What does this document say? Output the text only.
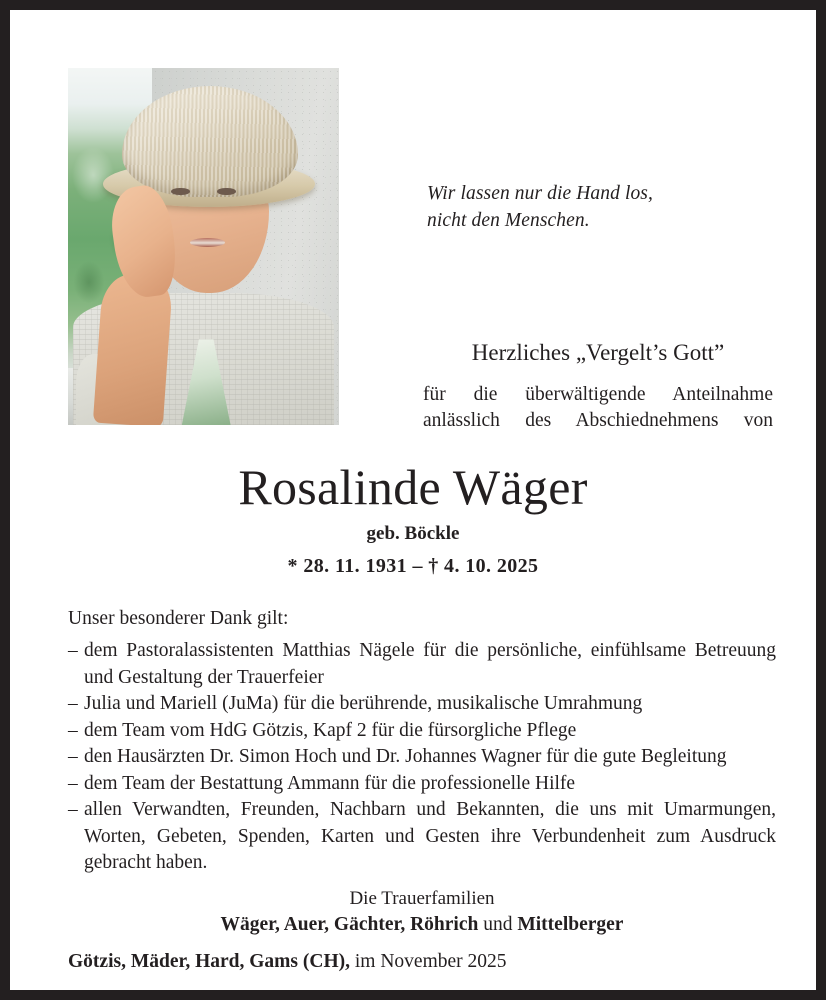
Wir lassen nur die Hand los,
nicht den Menschen.
Herzliches „Vergelt’s Gott”
für die überwältigende Anteilnahme
anlässlich des Abschiednehmens von
Rosalinde Wäger
geb. Böckle
* 28. 11. 1931 – † 4. 10. 2025
Unser besonderer Dank gilt:
– dem Pastoralassistenten Matthias Nägele für die persönliche, einfühlsame Betreuung und Gestaltung der Trauerfeier
– Julia und Mariell (JuMa) für die berührende, musikalische Umrahmung
– dem Team vom HdG Götzis, Kapf 2 für die fürsorgliche Pflege
– den Hausärzten Dr. Simon Hoch und Dr. Johannes Wagner für die gute Begleitung
– dem Team der Bestattung Ammann für die professionelle Hilfe
– allen Verwandten, Freunden, Nachbarn und Bekannten, die uns mit Umarmungen, Worten, Gebeten, Spenden, Karten und Gesten ihre Verbundenheit zum Ausdruck gebracht haben.
Die Trauerfamilien
Wäger, Auer, Gächter, Röhrich und Mittelberger
Götzis, Mäder, Hard, Gams (CH), im November 2025
